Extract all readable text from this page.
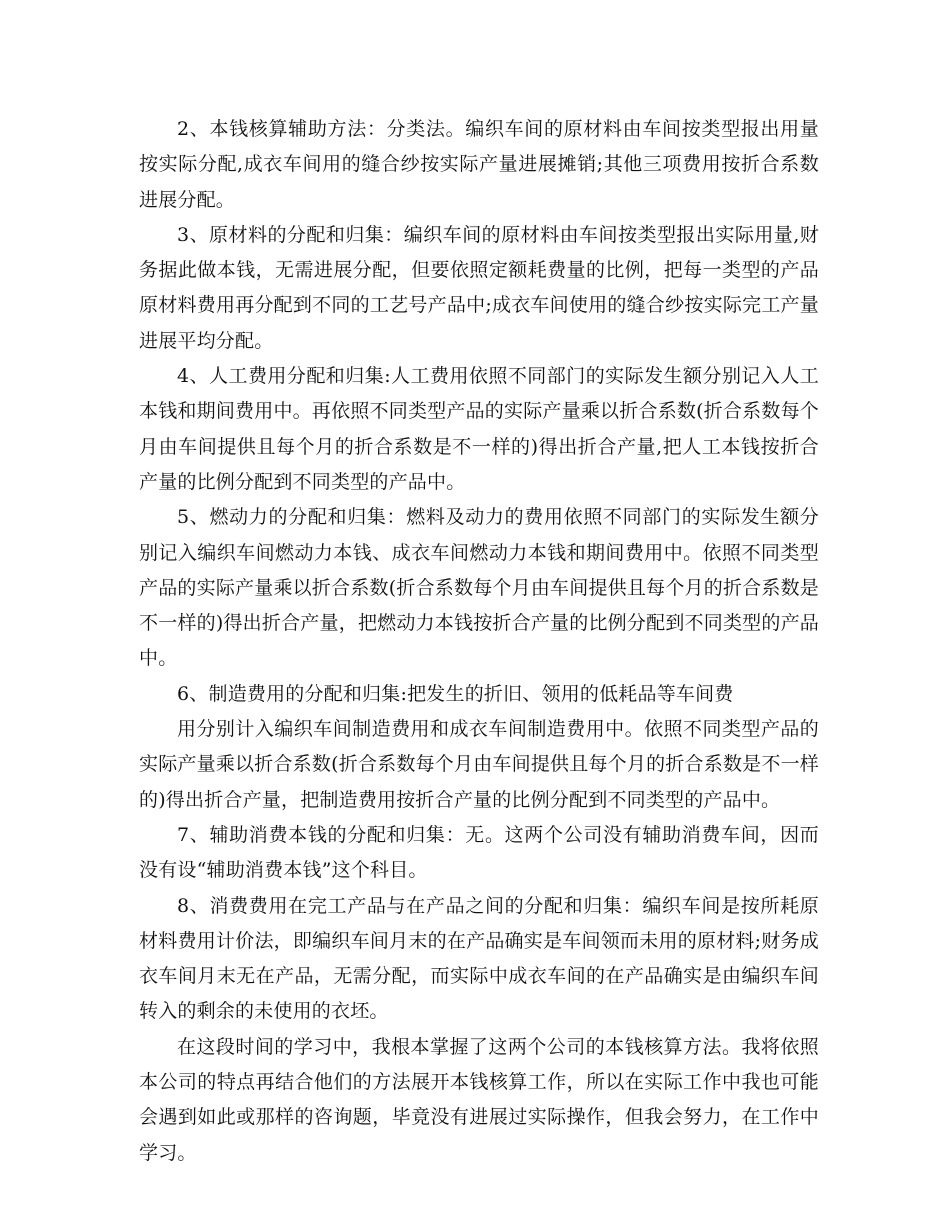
2、本钱核算辅助方法：分类法。编织车间的原材料由车间按类型报出用量按实际分配,成衣车间用的缝合纱按实际产量进展摊销;其他三项费用按折合系数进展分配。

3、原材料的分配和归集：编织车间的原材料由车间按类型报出实际用量,财务据此做本钱，无需进展分配，但要依照定额耗费量的比例，把每一类型的产品原材料费用再分配到不同的工艺号产品中;成衣车间使用的缝合纱按实际完工产量进展平均分配。

4、人工费用分配和归集:人工费用依照不同部门的实际发生额分别记入人工本钱和期间费用中。再依照不同类型产品的实际产量乘以折合系数(折合系数每个月由车间提供且每个月的折合系数是不一样的)得出折合产量,把人工本钱按折合产量的比例分配到不同类型的产品中。

5、燃动力的分配和归集：燃料及动力的费用依照不同部门的实际发生额分别记入编织车间燃动力本钱、成衣车间燃动力本钱和期间费用中。依照不同类型产品的实际产量乘以折合系数(折合系数每个月由车间提供且每个月的折合系数是不一样的)得出折合产量，把燃动力本钱按折合产量的比例分配到不同类型的产品中。

6、制造费用的分配和归集:把发生的折旧、领用的低耗品等车间费

用分别计入编织车间制造费用和成衣车间制造费用中。依照不同类型产品的实际产量乘以折合系数(折合系数每个月由车间提供且每个月的折合系数是不一样的)得出折合产量，把制造费用按折合产量的比例分配到不同类型的产品中。

7、辅助消费本钱的分配和归集：无。这两个公司没有辅助消费车间，因而没有设“辅助消费本钱”这个科目。

8、消费费用在完工产品与在产品之间的分配和归集：编织车间是按所耗原材料费用计价法，即编织车间月末的在产品确实是车间领而未用的原材料;财务成衣车间月末无在产品，无需分配，而实际中成衣车间的在产品确实是由编织车间转入的剩余的未使用的衣坯。

在这段时间的学习中，我根本掌握了这两个公司的本钱核算方法。我将依照本公司的特点再结合他们的方法展开本钱核算工作，所以在实际工作中我也可能会遇到如此或那样的咨询题，毕竟没有进展过实际操作，但我会努力，在工作中学习。
